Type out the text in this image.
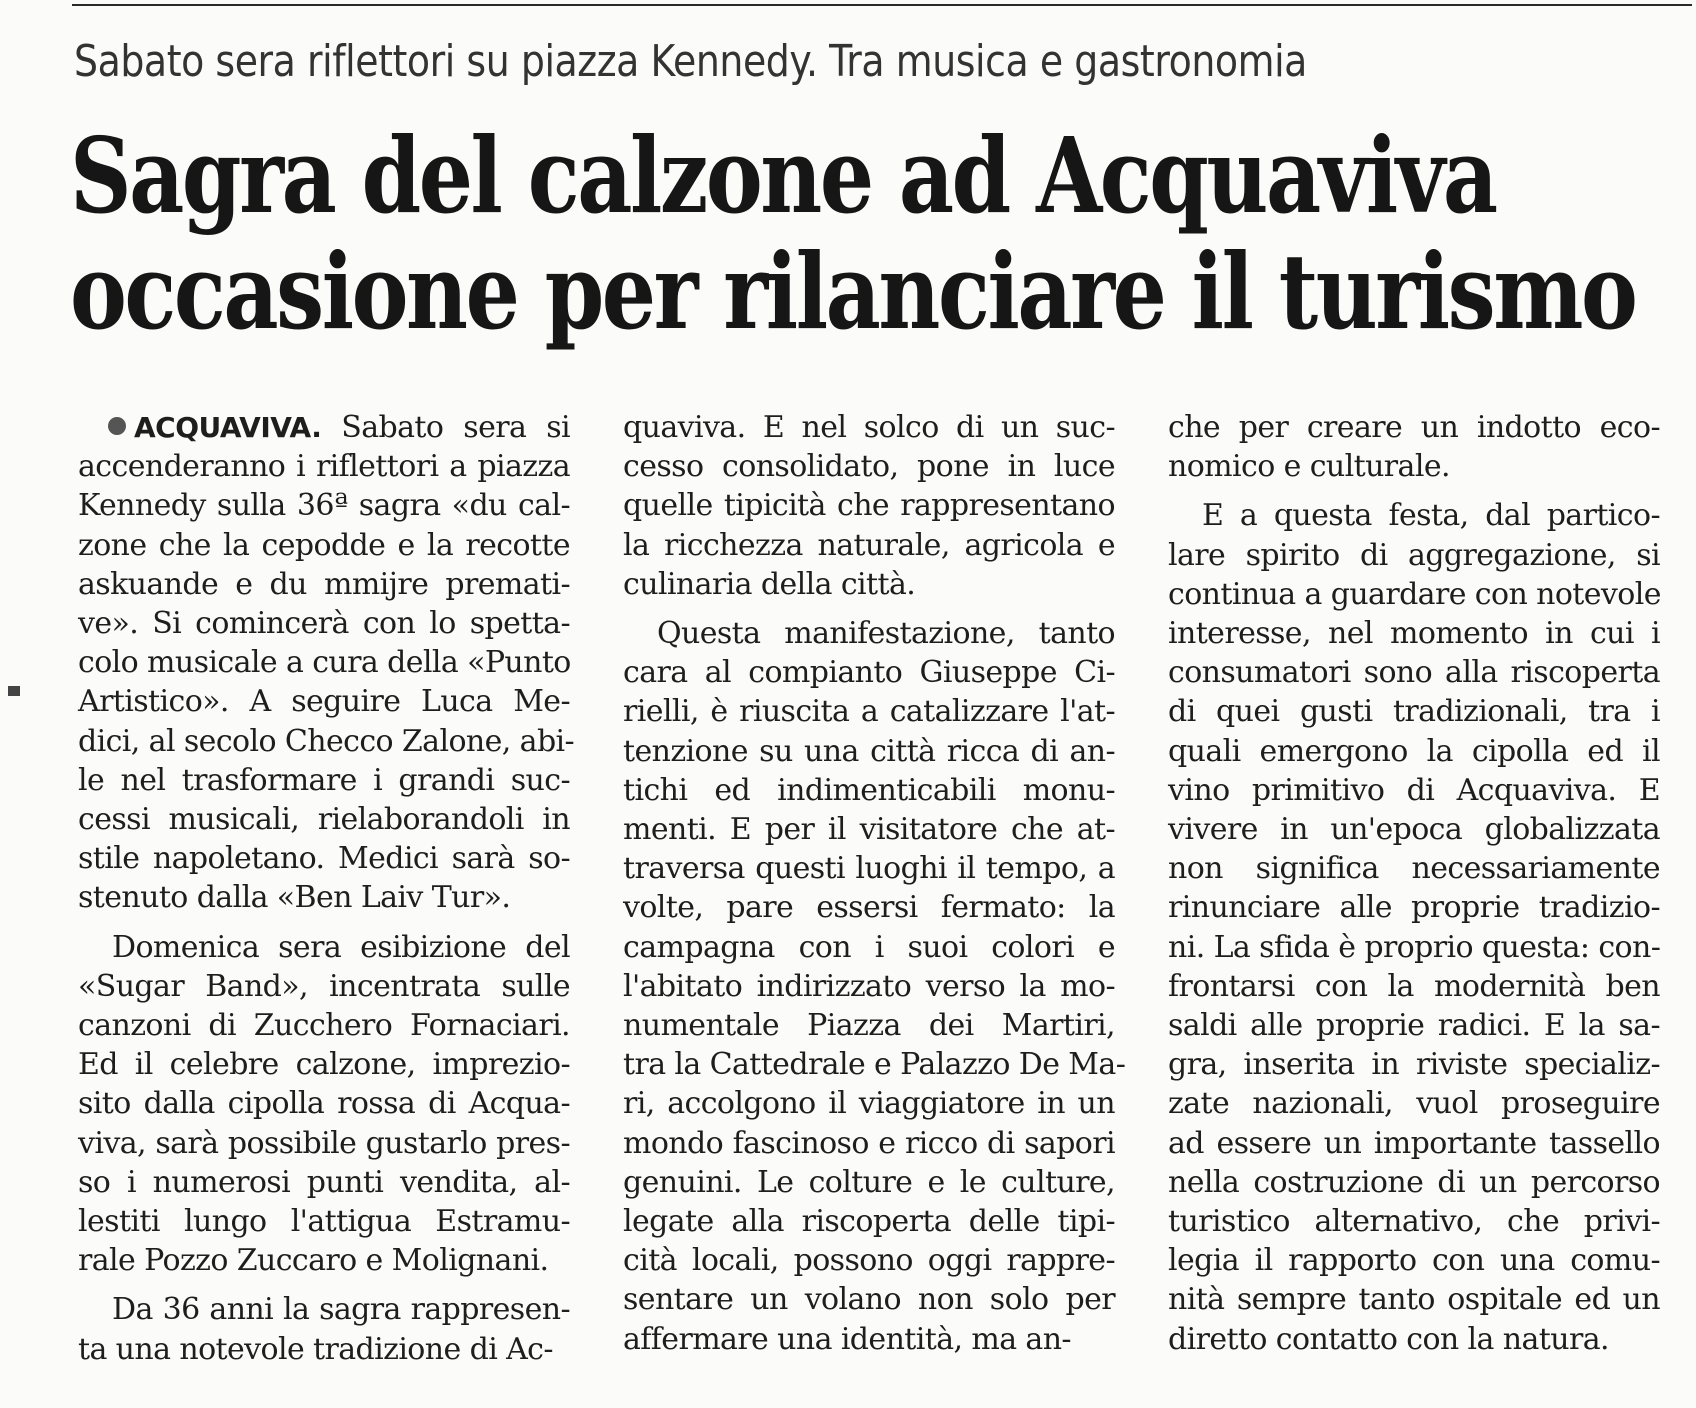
Sabato sera riflettori su piazza Kennedy. Tra musica e gastronomia
Sagra del calzone ad Acquaviva
occasione per rilanciare il turismo
ACQUAVIVA. Sabato sera si
accenderanno i riflettori a piazza
Kennedy sulla 36ª sagra «du cal-
zone che la cepodde e la recotte
askuande e du mmijre premati-
ve». Si comincerà con lo spetta-
colo musicale a cura della «Punto
Artistico». A seguire Luca Me-
dici, al secolo Checco Zalone, abi-
le nel trasformare i grandi suc-
cessi musicali, rielaborandoli in
stile napoletano. Medici sarà so-
stenuto dalla «Ben Laiv Tur».
Domenica sera esibizione del
«Sugar Band», incentrata sulle
canzoni di Zucchero Fornaciari.
Ed il celebre calzone, imprezio-
sito dalla cipolla rossa di Acqua-
viva, sarà possibile gustarlo pres-
so i numerosi punti vendita, al-
lestiti lungo l'attigua Estramu-
rale Pozzo Zuccaro e Molignani.
Da 36 anni la sagra rappresen-
ta una notevole tradizione di Ac-
quaviva. E nel solco di un suc-
cesso consolidato, pone in luce
quelle tipicità che rappresentano
la ricchezza naturale, agricola e
culinaria della città.
Questa manifestazione, tanto
cara al compianto Giuseppe Ci-
rielli, è riuscita a catalizzare l'at-
tenzione su una città ricca di an-
tichi ed indimenticabili monu-
menti. E per il visitatore che at-
traversa questi luoghi il tempo, a
volte, pare essersi fermato: la
campagna con i suoi colori e
l'abitato indirizzato verso la mo-
numentale Piazza dei Martiri,
tra la Cattedrale e Palazzo De Ma-
ri, accolgono il viaggiatore in un
mondo fascinoso e ricco di sapori
genuini. Le colture e le culture,
legate alla riscoperta delle tipi-
cità locali, possono oggi rappre-
sentare un volano non solo per
affermare una identità, ma an-
che per creare un indotto eco-
nomico e culturale.
E a questa festa, dal partico-
lare spirito di aggregazione, si
continua a guardare con notevole
interesse, nel momento in cui i
consumatori sono alla riscoperta
di quei gusti tradizionali, tra i
quali emergono la cipolla ed il
vino primitivo di Acquaviva. E
vivere in un'epoca globalizzata
non significa necessariamente
rinunciare alle proprie tradizio-
ni. La sfida è proprio questa: con-
frontarsi con la modernità ben
saldi alle proprie radici. E la sa-
gra, inserita in riviste specializ-
zate nazionali, vuol proseguire
ad essere un importante tassello
nella costruzione di un percorso
turistico alternativo, che privi-
legia il rapporto con una comu-
nità sempre tanto ospitale ed un
diretto contatto con la natura.
